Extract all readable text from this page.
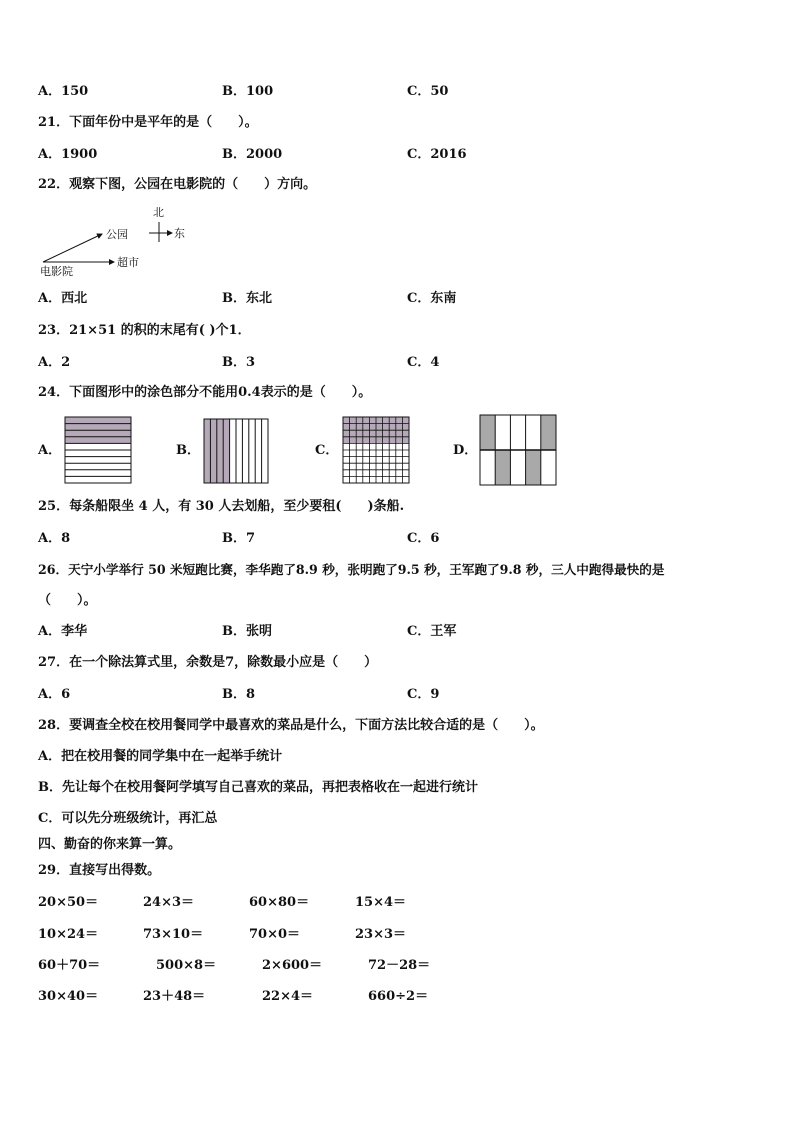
A．150	B．100	C．50
21．下面年份中是平年的是（　　）。
A．1900	B．2000	C．2016
22．观察下图，公园在电影院的（　　）方向。
北
东
公园
电影院
超市
A．西北	B．东北	C．东南
23．21×51 的积的末尾有( )个1．
A．2	B．3	C．4
24．下面图形中的涂色部分不能用0.4表示的是（　　）。
A．	B．	C．	D．
25．每条船限坐 4 人，有 30 人去划船，至少要租(　　)条船.
A．8	B．7	C．6
26．天宁小学举行 50 米短跑比赛，李华跑了8.9 秒，张明跑了9.5 秒，王军跑了9.8 秒，三人中跑得最快的是
（　　）。
A．李华	B．张明	C．王军
27．在一个除法算式里，余数是7，除数最小应是（　　）
A．6	B．8	C．9
28．要调查全校在校用餐同学中最喜欢的菜品是什么，下面方法比较合适的是（　　）。
A．把在校用餐的同学集中在一起举手统计
B．先让每个在校用餐阿学填写自己喜欢的菜品，再把表格收在一起进行统计
C．可以先分班级统计，再汇总
四、勤奋的你来算一算。
29．直接写出得数。
20×50＝	24×3＝	60×80＝	15×4＝
10×24＝	73×10＝	70×0＝	23×3＝
60＋70＝	500×8＝	2×600＝	72－28＝
30×40＝	23＋48＝	22×4＝	660÷2＝
